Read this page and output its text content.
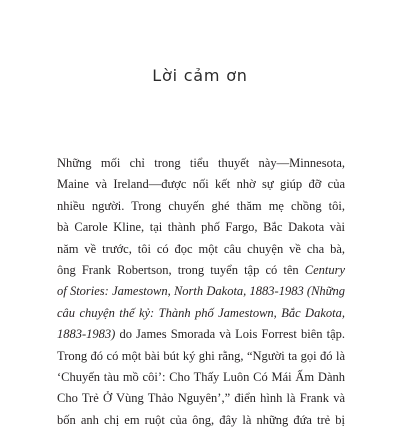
Lời cảm ơn
Những mối chỉ trong tiểu thuyết này—Minnesota,
Maine và Ireland—được nối kết nhờ sự giúp đỡ của
nhiều người. Trong chuyến ghé thăm mẹ chồng tôi,
bà Carole Kline, tại thành phố Fargo, Bắc Dakota vài
năm về trước, tôi có đọc một câu chuyện về cha bà,
ông Frank Robertson, trong tuyển tập có tên Century
of Stories: Jamestown, North Dakota, 1883-1983 (Những
câu chuyện thế kỷ: Thành phố Jamestown, Bắc Dakota,
1883-1983) do James Smorada và Lois Forrest biên tập.
Trong đó có một bài bút ký ghi rằng, “Người ta gọi đó là
‘Chuyến tàu mồ côi’: Cho Thấy Luôn Có Mái Ấm Dành
Cho Trẻ Ở Vùng Thảo Nguyên’,” điển hình là Frank và
bốn anh chị em ruột của ông, đây là những đứa trẻ bị
